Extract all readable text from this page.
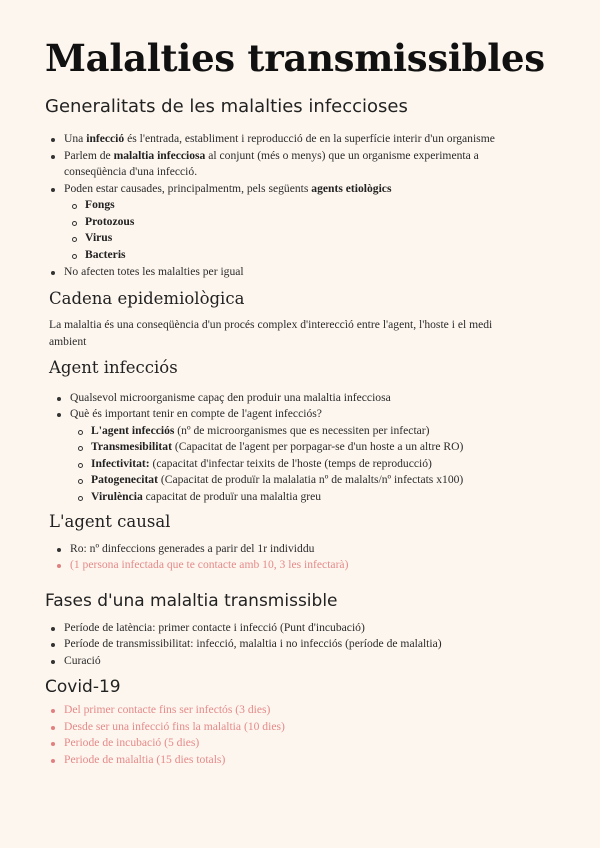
Malalties transmissibles
Generalitats de les malalties infeccioses
Una infecció és l'entrada, establiment i reproducció de en la superfície interir d'un organisme
Parlem de malaltia infecciosa al conjunt (més o menys) que un organisme experimenta a
conseqüència d'una infecció.
Poden estar causades, principalmentm, pels següents agents etiològics
Fongs
Protozous
Virus
Bacteris
No afecten totes les malalties per igual
Cadena epidemiològica
La malaltia és una conseqüència d'un procés complex d'intereccìó entre l'agent, l'hoste i el medi
ambient
Agent infecciós
Qualsevol microorganisme capaç den produir una malaltia infecciosa
Què és important tenir en compte de l'agent infecciós?
L'agent infecciós (nº de microorganismes que es necessiten per infectar)
Transmesibilitat (Capacitat de l'agent per porpagar-se d'un hoste a un altre RO)
Infectivitat: (capacitat d'infectar teixits de l'hoste (temps de reproducció)
Patogenecitat (Capacitat de produïr la malalatia nº de malalts/nº infectats x100)
Virulència capacitat de produïr una malaltia greu
L'agent causal
Ro: nº dinfeccions generades a parir del 1r individdu
(1 persona infectada que te contacte amb 10, 3 les infectarà)
Fases d'una malaltia transmissible
Període de latència: primer contacte i infecció (Punt d'incubació)
Període de transmissibilitat: infecció, malaltia i no infecciós (període de malaltia)
Curació
Covid-19
Del primer contacte fins ser infectós (3 dies)
Desde ser una infecció fins la malaltia (10 dies)
Periode de incubació (5 dies)
Periode de malaltia (15 dies totals)
